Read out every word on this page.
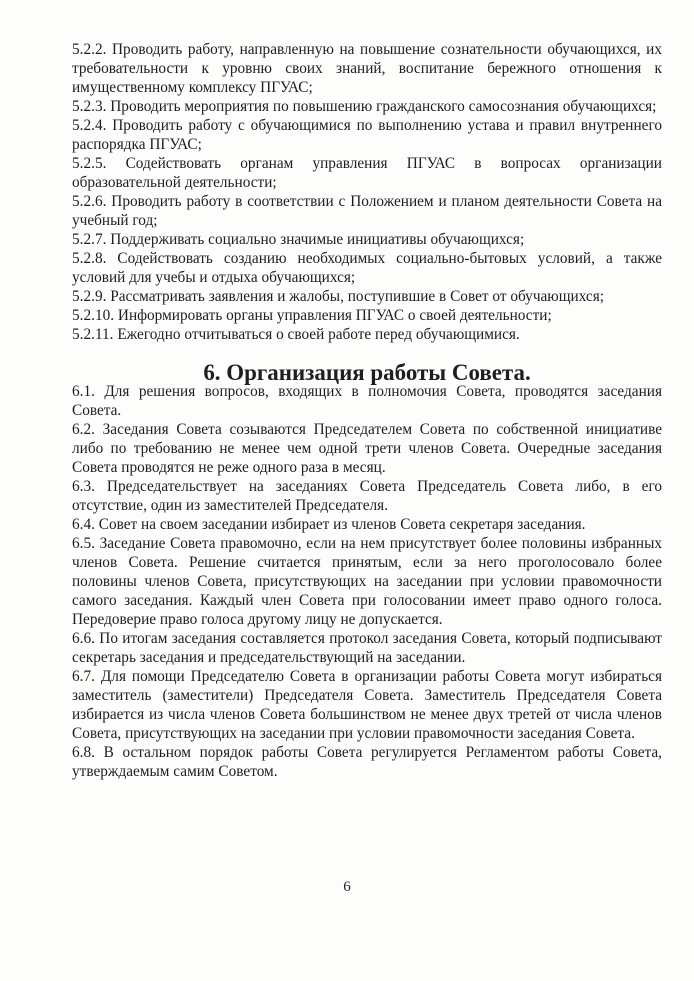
5.2.2. Проводить работу, направленную на повышение сознательности обучающихся, их требовательности к уровню своих знаний, воспитание бережного отношения к имущественному комплексу ПГУАС;

5.2.3. Проводить мероприятия по повышению гражданского самосознания обучающихся;

5.2.4. Проводить работу с обучающимися по выполнению устава и правил внутреннего распорядка ПГУАС;

5.2.5. Содействовать органам управления ПГУАС в вопросах организации образовательной деятельности;

5.2.6. Проводить работу в соответствии с Положением и планом деятельности Совета на учебный год;

5.2.7. Поддерживать социально значимые инициативы обучающихся;

5.2.8. Содействовать созданию необходимых социально-бытовых условий, а также условий для учебы и отдыха обучающихся;

5.2.9. Рассматривать заявления и жалобы, поступившие в Совет от обучающихся;

5.2.10. Информировать органы управления ПГУАС о своей деятельности;

5.2.11. Ежегодно отчитываться о своей работе перед обучающимися.

6. Организация работы Совета.

6.1. Для решения вопросов, входящих в полномочия Совета, проводятся заседания Совета.

6.2. Заседания Совета созываются Председателем Совета по собственной инициативе либо по требованию не менее чем одной трети членов Совета. Очередные заседания Совета проводятся не реже одного раза в месяц.

6.3. Председательствует на заседаниях Совета Председатель Совета либо, в его отсутствие, один из заместителей Председателя.

6.4. Совет на своем заседании избирает из членов Совета секретаря заседания.

6.5. Заседание Совета правомочно, если на нем присутствует более половины избранных членов Совета. Решение считается принятым, если за него проголосовало более половины членов Совета, присутствующих на заседании при условии правомочности самого заседания. Каждый член Совета при голосовании имеет право одного голоса. Передоверие право голоса другому лицу не допускается.

6.6. По итогам заседания составляется протокол заседания Совета, который подписывают секретарь заседания и председательствующий на заседании.

6.7. Для помощи Председателю Совета в организации работы Совета могут избираться заместитель (заместители) Председателя Совета. Заместитель Председателя Совета избирается из числа членов Совета большинством не менее двух третей от числа членов Совета, присутствующих на заседании при условии правомочности заседания Совета.

6.8. В остальном порядок работы Совета регулируется Регламентом работы Совета, утверждаемым самим Советом.

6
